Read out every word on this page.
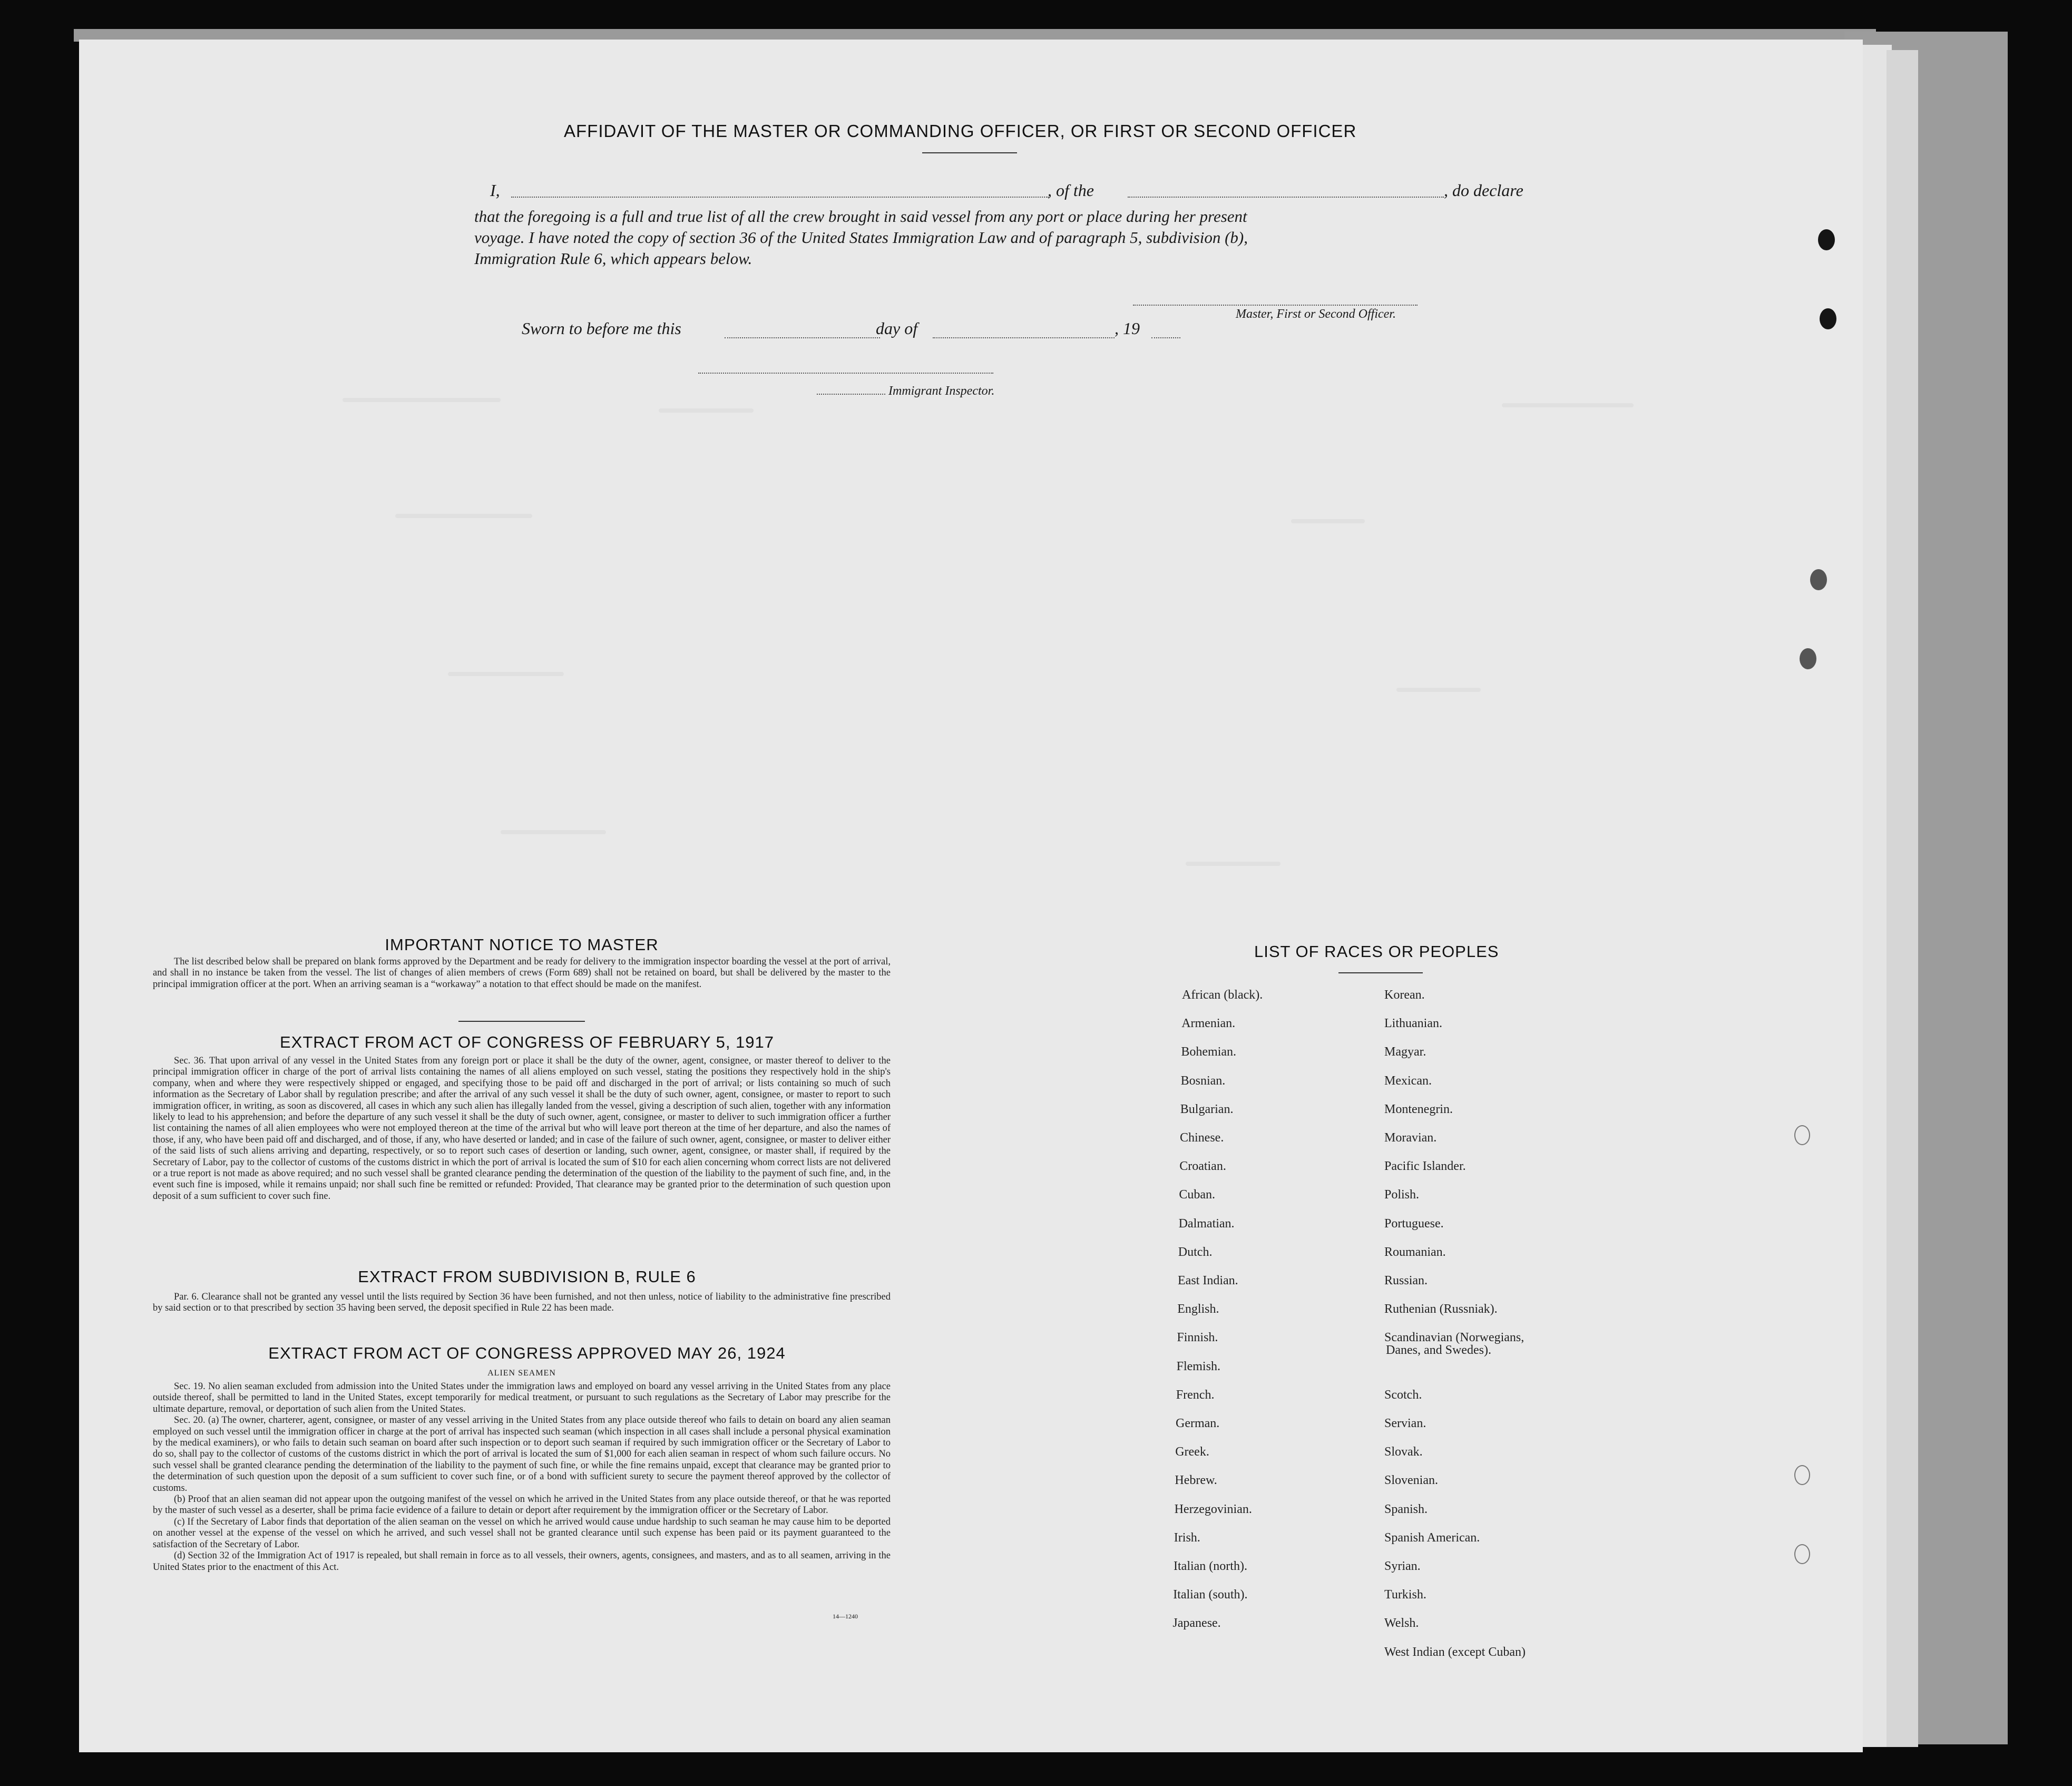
AFFIDAVIT OF THE MASTER OR COMMANDING OFFICER, OR FIRST OR SECOND OFFICER
I,	, of the	, do declare
that the foregoing is a full and true list of all the crew brought in said vessel from any port or place during her present
voyage. I have noted the copy of section 36 of the United States Immigration Law and of paragraph 5, subdivision (b),
Immigration Rule 6, which appears below.
Master, First or Second Officer.
Sworn to before me this	day of	, 19
Immigrant Inspector.
IMPORTANT NOTICE TO MASTER

The list described below shall be prepared on blank forms approved by the Department and be ready for delivery to the immigration inspector boarding the vessel at the port of arrival, and shall in no instance be taken from the vessel. The list of changes of alien members of crews (Form 689) shall not be retained on board, but shall be delivered by the master to the principal immigration officer at the port. When an arriving seaman is a “workaway” a notation to that effect should be made on the manifest.

EXTRACT FROM ACT OF CONGRESS OF FEBRUARY 5, 1917

Sec. 36. That upon arrival of any vessel in the United States from any foreign port or place it shall be the duty of the owner, agent, consignee, or master thereof to deliver to the principal immigration officer in charge of the port of arrival lists containing the names of all aliens employed on such vessel, stating the positions they respectively hold in the ship's company, when and where they were respectively shipped or engaged, and specifying those to be paid off and discharged in the port of arrival; or lists containing so much of such information as the Secretary of Labor shall by regulation prescribe; and after the arrival of any such vessel it shall be the duty of such owner, agent, consignee, or master to report to such immigration officer, in writing, as soon as discovered, all cases in which any such alien has illegally landed from the vessel, giving a description of such alien, together with any information likely to lead to his apprehension; and before the departure of any such vessel it shall be the duty of such owner, agent, consignee, or master to deliver to such immigration officer a further list containing the names of all alien employees who were not employed thereon at the time of the arrival but who will leave port thereon at the time of her departure, and also the names of those, if any, who have been paid off and discharged, and of those, if any, who have deserted or landed; and in case of the failure of such owner, agent, consignee, or master to deliver either of the said lists of such aliens arriving and departing, respectively, or so to report such cases of desertion or landing, such owner, agent, consignee, or master shall, if required by the Secretary of Labor, pay to the collector of customs of the customs district in which the port of arrival is located the sum of $10 for each alien concerning whom correct lists are not delivered or a true report is not made as above required; and no such vessel shall be granted clearance pending the determination of the question of the liability to the payment of such fine, and, in the event such fine is imposed, while it remains unpaid; nor shall such fine be remitted or refunded: Provided, That clearance may be granted prior to the determination of such question upon deposit of a sum sufficient to cover such fine.

EXTRACT FROM SUBDIVISION B, RULE 6

Par. 6. Clearance shall not be granted any vessel until the lists required by Section 36 have been furnished, and not then unless, notice of liability to the administrative fine prescribed by said section or to that prescribed by section 35 having been served, the deposit specified in Rule 22 has been made.

EXTRACT FROM ACT OF CONGRESS APPROVED MAY 26, 1924
ALIEN SEAMEN

Sec. 19. No alien seaman excluded from admission into the United States under the immigration laws and employed on board any vessel arriving in the United States from any place outside thereof, shall be permitted to land in the United States, except temporarily for medical treatment, or pursuant to such regulations as the Secretary of Labor may prescribe for the ultimate departure, removal, or deportation of such alien from the United States.

Sec. 20. (a) The owner, charterer, agent, consignee, or master of any vessel arriving in the United States from any place outside thereof who fails to detain on board any alien seaman employed on such vessel until the immigration officer in charge at the port of arrival has inspected such seaman (which inspection in all cases shall include a personal physical examination by the medical examiners), or who fails to detain such seaman on board after such inspection or to deport such seaman if required by such immigration officer or the Secretary of Labor to do so, shall pay to the collector of customs of the customs district in which the port of arrival is located the sum of $1,000 for each alien seaman in respect of whom such failure occurs. No such vessel shall be granted clearance pending the determination of the liability to the payment of such fine, or while the fine remains unpaid, except that clearance may be granted prior to the determination of such question upon the deposit of a sum sufficient to cover such fine, or of a bond with sufficient surety to secure the payment thereof approved by the collector of customs.

(b) Proof that an alien seaman did not appear upon the outgoing manifest of the vessel on which he arrived in the United States from any place outside thereof, or that he was reported by the master of such vessel as a deserter, shall be prima facie evidence of a failure to detain or deport after requirement by the immigration officer or the Secretary of Labor.

(c) If the Secretary of Labor finds that deportation of the alien seaman on the vessel on which he arrived would cause undue hardship to such seaman he may cause him to be deported on another vessel at the expense of the vessel on which he arrived, and such vessel shall not be granted clearance until such expense has been paid or its payment guaranteed to the satisfaction of the Secretary of Labor.

(d) Section 32 of the Immigration Act of 1917 is repealed, but shall remain in force as to all vessels, their owners, agents, consignees, and masters, and as to all seamen, arriving in the United States prior to the enactment of this Act.

14—1240
LIST OF RACES OR PEOPLES
African (black).
Armenian.
Bohemian.
Bosnian.
Bulgarian.
Chinese.
Croatian.
Cuban.
Dalmatian.
Dutch.
East Indian.
English.
Finnish.
Flemish.
French.
German.
Greek.
Hebrew.
Herzegovinian.
Irish.
Italian (north).
Italian (south).
Japanese.
Korean.
Lithuanian.
Magyar.
Mexican.
Montenegrin.
Moravian.
Pacific Islander.
Polish.
Portuguese.
Roumanian.
Russian.
Ruthenian (Russniak).
Scandinavian (Norwegians,
Danes, and Swedes).
Scotch.
Servian.
Slovak.
Slovenian.
Spanish.
Spanish American.
Syrian.
Turkish.
Welsh.
West Indian (except Cuban)
